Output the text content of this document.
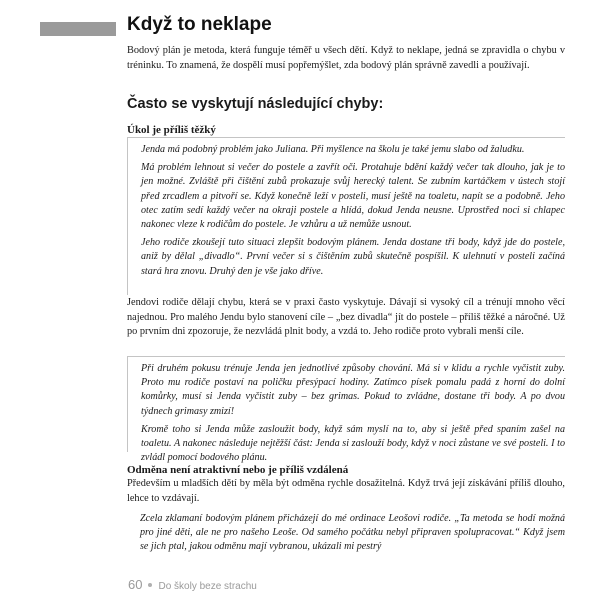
Když to neklape

Bodový plán je metoda, která funguje téměř u všech dětí. Když to neklape, jedná se zpravidla o chybu v tréninku. To znamená, že dospělí musí popřemýšlet, zda bodový plán správně zavedli a používají.

Často se vyskytují následující chyby:
Úkol je příliš těžký

Jenda má podobný problém jako Juliana. Při myšlence na školu je také jemu slabo od žaludku.

Má problém lehnout si večer do postele a zavřít oči. Protahuje bdění každý večer tak dlouho, jak je to jen možné. Zvláště při čištění zubů prokazuje svůj herecký talent. Se zubním kartáčkem v ústech stojí před zrcadlem a pitvoří se. Když konečně leží v posteli, musí ještě na toaletu, napít se a podobně. Jeho otec zatím sedí každý večer na okraji postele a hlídá, dokud Jenda neusne. Uprostřed noci si chlapec nakonec vleze k rodičům do postele. Je vzhůru a už nemůže usnout.

Jeho rodiče zkoušejí tuto situaci zlepšit bodovým plánem. Jenda dostane tři body, když jde do postele, aniž by dělal „divadlo“. První večer si s čištěním zubů skutečně pospíšil. K ulehnutí v posteli začíná stará hra znovu. Druhý den je vše jako dříve.

Jendovi rodiče dělají chybu, která se v praxi často vyskytuje. Dávají si vysoký cíl a trénují mnoho věcí najednou. Pro malého Jendu bylo stanovení cíle – „bez divadla“ jít do postele – příliš těžké a náročné. Už po prvním dni zpozoruje, že nezvládá plnit body, a vzdá to. Jeho rodiče proto vybrali menší cíle.

Při druhém pokusu trénuje Jenda jen jednotlivé způsoby chování. Má si v klidu a rychle vyčistit zuby. Proto mu rodiče postaví na poličku přesýpací hodiny. Zatímco písek pomalu padá z horní do dolní komůrky, musí si Jenda vyčistit zuby – bez grimas. Pokud to zvládne, dostane tři body. A po dvou týdnech grimasy zmizí!

Kromě toho si Jenda může zasloužit body, když sám myslí na to, aby si ještě před spaním zašel na toaletu. A nakonec následuje nejtěžší část: Jenda si zaslouží body, když v noci zůstane ve své posteli. I to zvládl pomocí bodového plánu.

Odměna není atraktivní nebo je příliš vzdálená

Především u mladších dětí by měla být odměna rychle dosažitelná. Když trvá její získávání příliš dlouho, lehce to vzdávají.

Zcela zklamaní bodovým plánem přicházejí do mé ordinace Leošovi rodiče. „Ta metoda se hodí možná pro jiné děti, ale ne pro našeho Leoše. Od samého počátku nebyl připraven spolupracovat.“ Když jsem se jich ptal, jakou odměnu mají vybranou, ukázali mi pestrý

60 Do školy beze strachu
